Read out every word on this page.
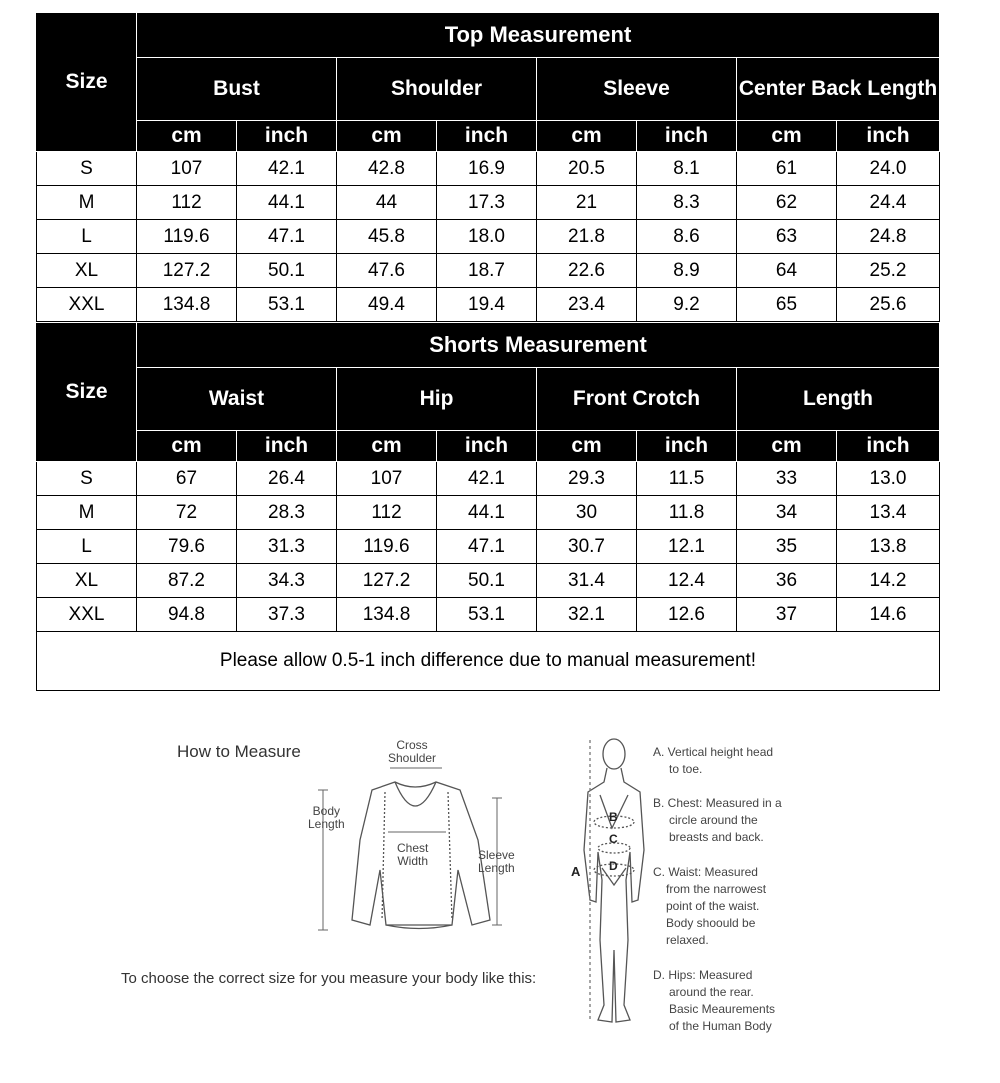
Size	Top Measurement							
	Bust		Shoulder		Sleeve		Center Back Length	
	cm	inch	cm	inch	cm	inch	cm	inch
S	107	42.1	42.8	16.9	20.5	8.1	61	24.0
M	112	44.1	44	17.3	21	8.3	62	24.4
L	119.6	47.1	45.8	18.0	21.8	8.6	63	24.8
XL	127.2	50.1	47.6	18.7	22.6	8.9	64	25.2
XXL	134.8	53.1	49.4	19.4	23.4	9.2	65	25.6
Size	Shorts Measurement							
	Waist		Hip		Front Crotch		Length	
	cm	inch	cm	inch	cm	inch	cm	inch
S	67	26.4	107	42.1	29.3	11.5	33	13.0
M	72	28.3	112	44.1	30	11.8	34	13.4
L	79.6	31.3	119.6	47.1	30.7	12.1	35	13.8
XL	87.2	34.3	127.2	50.1	31.4	12.4	36	14.2
XXL	94.8	37.3	134.8	53.1	32.1	12.6	37	14.6
Please allow 0.5-1 inch difference due to manual measurement!								
How to Measure	Cross
Shoulder
Body
Length
Chest
Width	Sleeve
Length	A
B
C
D
To choose the correct size for you measure your body like this:
A. Vertical height head
to toe.
B. Chest: Measured in a
circle around the
breasts and back.
C. Waist: Measured
from the narrowest
point of the waist.
Body shoould be
relaxed.
D. Hips: Measured
around the rear.
Basic Meaurements
of the Human Body
